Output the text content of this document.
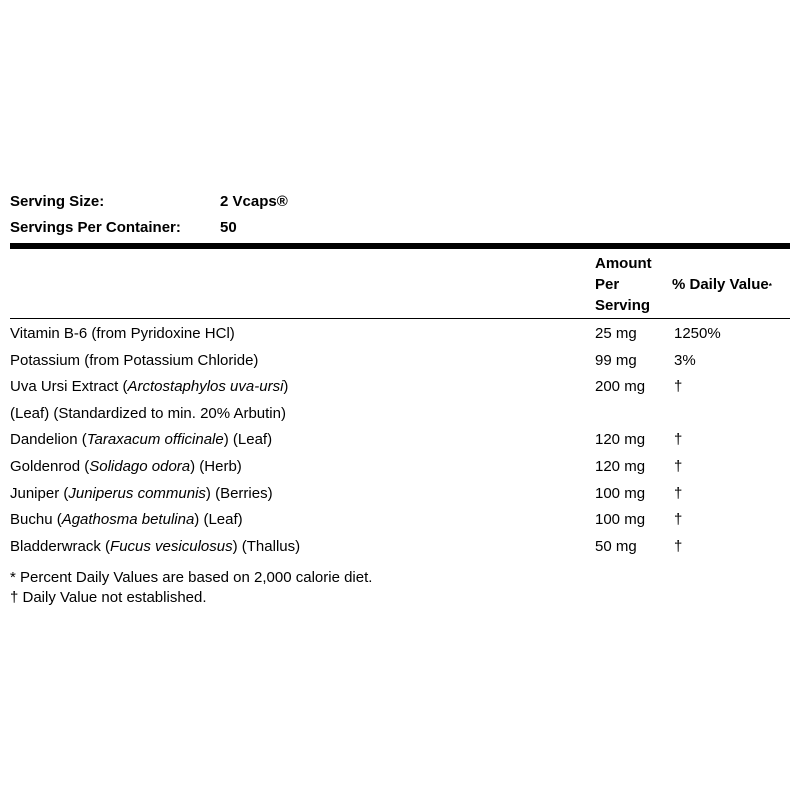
Serving Size:	2 Vcaps®
Servings Per Container:	50
Amount
Per
Serving
% Daily Value*
Vitamin B-6 (from Pyridoxine HCl)	25 mg 1250%
Potassium (from Potassium Chloride)	99 mg 3%
Uva Ursi Extract (Arctostaphylos uva-ursi)	200 mg †
(Leaf) (Standardized to min. 20% Arbutin)
Dandelion (Taraxacum officinale) (Leaf)	120 mg †
Goldenrod (Solidago odora) (Herb)	120 mg †
Juniper (Juniperus communis) (Berries)	100 mg †
Buchu (Agathosma betulina) (Leaf)	100 mg †
Bladderwrack (Fucus vesiculosus) (Thallus)	50 mg †
* Percent Daily Values are based on 2,000 calorie diet.
† Daily Value not established.
